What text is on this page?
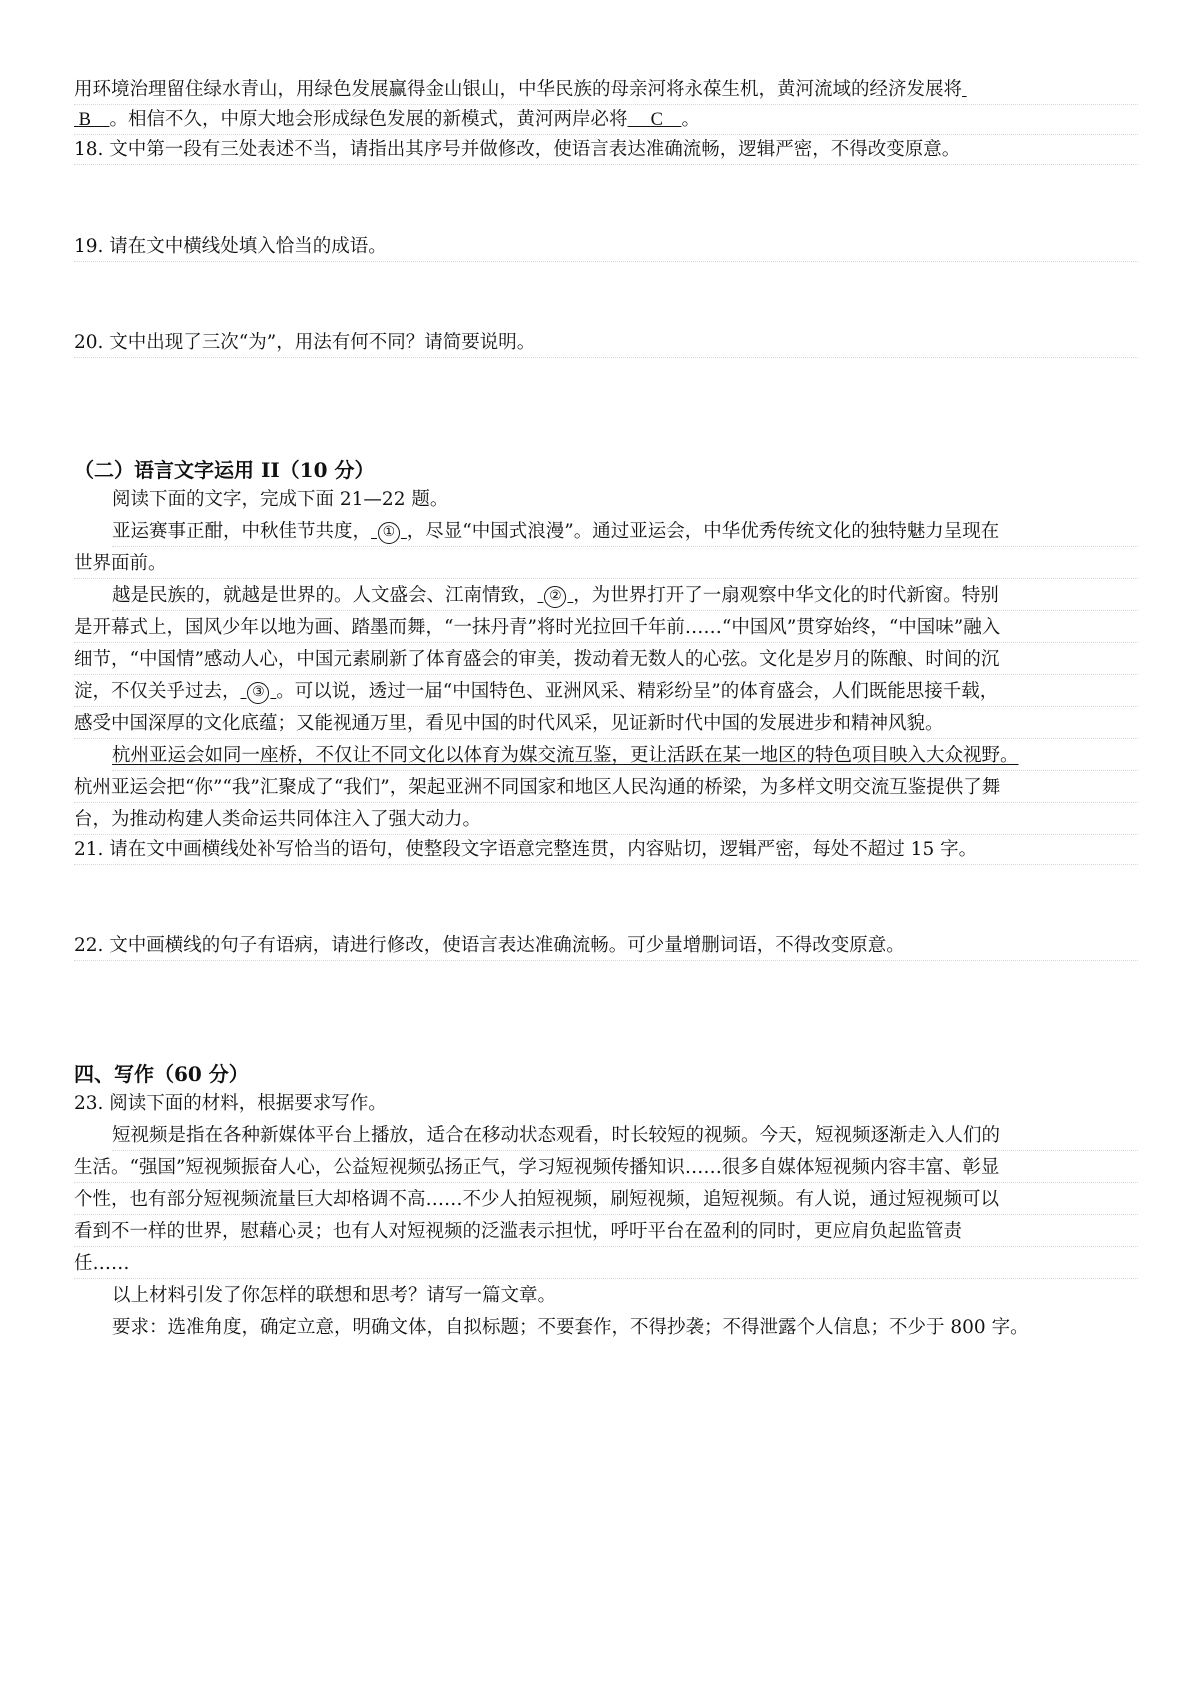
用环境治理留住绿水青山，用绿色发展赢得金山银山，中华民族的母亲河将永葆生机，黄河流域的经济发展将
B 。相信不久，中原大地会形成绿色发展的新模式，黄河两岸必将 C 。
18. 文中第一段有三处表述不当，请指出其序号并做修改，使语言表达准确流畅，逻辑严密，不得改变原意。
19. 请在文中横线处填入恰当的成语。
20. 文中出现了三次“为”，用法有何不同？请简要说明。
（二）语言文字运用 II（10 分）
阅读下面的文字，完成下面 21—22 题。
亚运赛事正酣，中秋佳节共度， ① ，尽显“中国式浪漫”。通过亚运会，中华优秀传统文化的独特魅力呈现在
世界面前。
越是民族的，就越是世界的。人文盛会、江南情致， ② ，为世界打开了一扇观察中华文化的时代新窗。特别
是开幕式上，国风少年以地为画、踏墨而舞，“一抹丹青”将时光拉回千年前……“中国风”贯穿始终，“中国味”融入
细节，“中国情”感动人心，中国元素刷新了体育盛会的审美，拨动着无数人的心弦。文化是岁月的陈酿、时间的沉
淀，不仅关乎过去， ③ 。可以说，透过一届“中国特色、亚洲风采、精彩纷呈”的体育盛会，人们既能思接千载，
感受中国深厚的文化底蕴；又能视通万里，看见中国的时代风采，见证新时代中国的发展进步和精神风貌。
杭州亚运会如同一座桥，不仅让不同文化以体育为媒交流互鉴，更让活跃在某一地区的特色项目映入大众视野。
杭州亚运会把“你”“我”汇聚成了“我们”，架起亚洲不同国家和地区人民沟通的桥梁，为多样文明交流互鉴提供了舞
台，为推动构建人类命运共同体注入了强大动力。
21. 请在文中画横线处补写恰当的语句，使整段文字语意完整连贯，内容贴切，逻辑严密，每处不超过 15 字。
22. 文中画横线的句子有语病，请进行修改，使语言表达准确流畅。可少量增删词语，不得改变原意。
四、写作（60 分）
23. 阅读下面的材料，根据要求写作。
短视频是指在各种新媒体平台上播放，适合在移动状态观看，时长较短的视频。今天，短视频逐渐走入人们的
生活。“强国”短视频振奋人心，公益短视频弘扬正气，学习短视频传播知识……很多自媒体短视频内容丰富、彰显
个性，也有部分短视频流量巨大却格调不高……不少人拍短视频，刷短视频，追短视频。有人说，通过短视频可以
看到不一样的世界，慰藉心灵；也有人对短视频的泛滥表示担忧，呼吁平台在盈利的同时，更应肩负起监管责
任……
以上材料引发了你怎样的联想和思考？请写一篇文章。
要求：选准角度，确定立意，明确文体，自拟标题；不要套作，不得抄袭；不得泄露个人信息；不少于 800 字。
